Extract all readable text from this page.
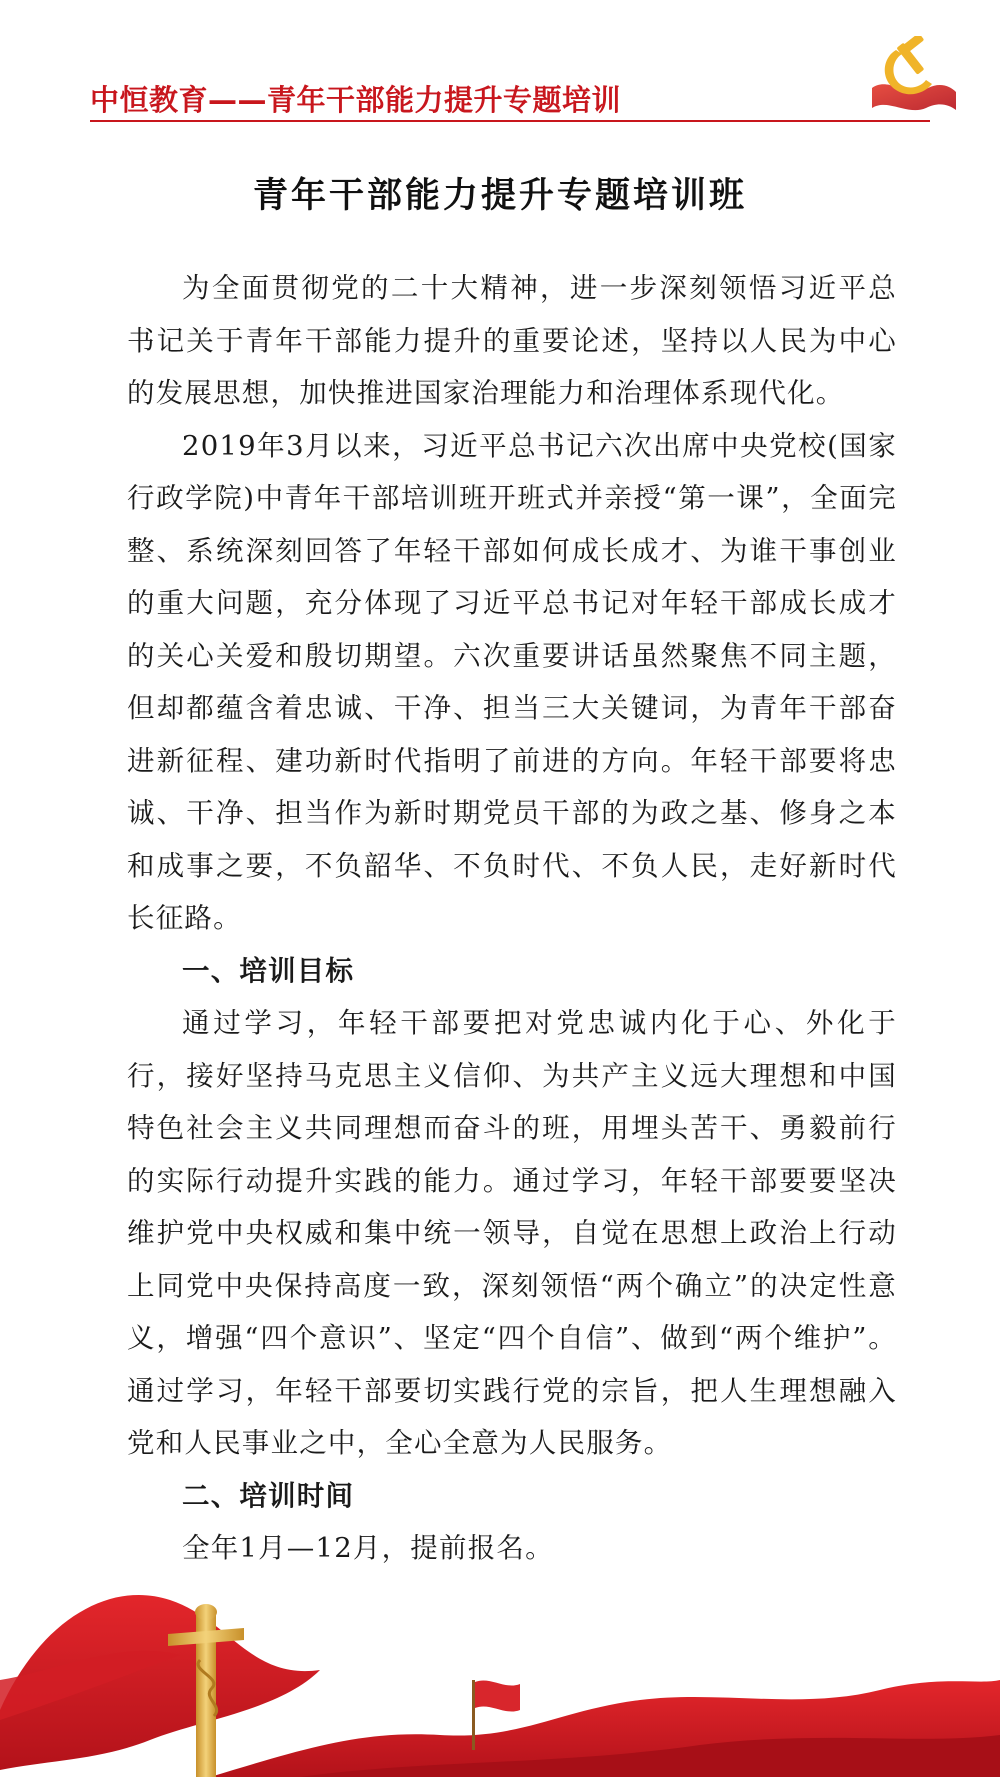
中恒教育——青年干部能力提升专题培训
青年干部能力提升专题培训班

为全面贯彻党的二十大精神，进一步深刻领悟习近平总书记关于青年干部能力提升的重要论述，坚持以人民为中心的发展思想，加快推进国家治理能力和治理体系现代化。

2019年3月以来，习近平总书记六次出席中央党校(国家行政学院)中青年干部培训班开班式并亲授“第一课”，全面完整、系统深刻回答了年轻干部如何成长成才、为谁干事创业的重大问题，充分体现了习近平总书记对年轻干部成长成才的关心关爱和殷切期望。六次重要讲话虽然聚焦不同主题，但却都蕴含着忠诚、干净、担当三大关键词，为青年干部奋进新征程、建功新时代指明了前进的方向。年轻干部要将忠诚、干净、担当作为新时期党员干部的为政之基、修身之本和成事之要，不负韶华、不负时代、不负人民，走好新时代长征路。

一、培训目标

通过学习，年轻干部要把对党忠诚内化于心、外化于行，接好坚持马克思主义信仰、为共产主义远大理想和中国特色社会主义共同理想而奋斗的班，用埋头苦干、勇毅前行的实际行动提升实践的能力。通过学习，年轻干部要要坚决维护党中央权威和集中统一领导，自觉在思想上政治上行动上同党中央保持高度一致，深刻领悟“两个确立”的决定性意义，增强“四个意识”、坚定“四个自信”、做到“两个维护”。通过学习，年轻干部要切实践行党的宗旨，把人生理想融入党和人民事业之中，全心全意为人民服务。

二、培训时间

全年1月—12月，提前报名。
